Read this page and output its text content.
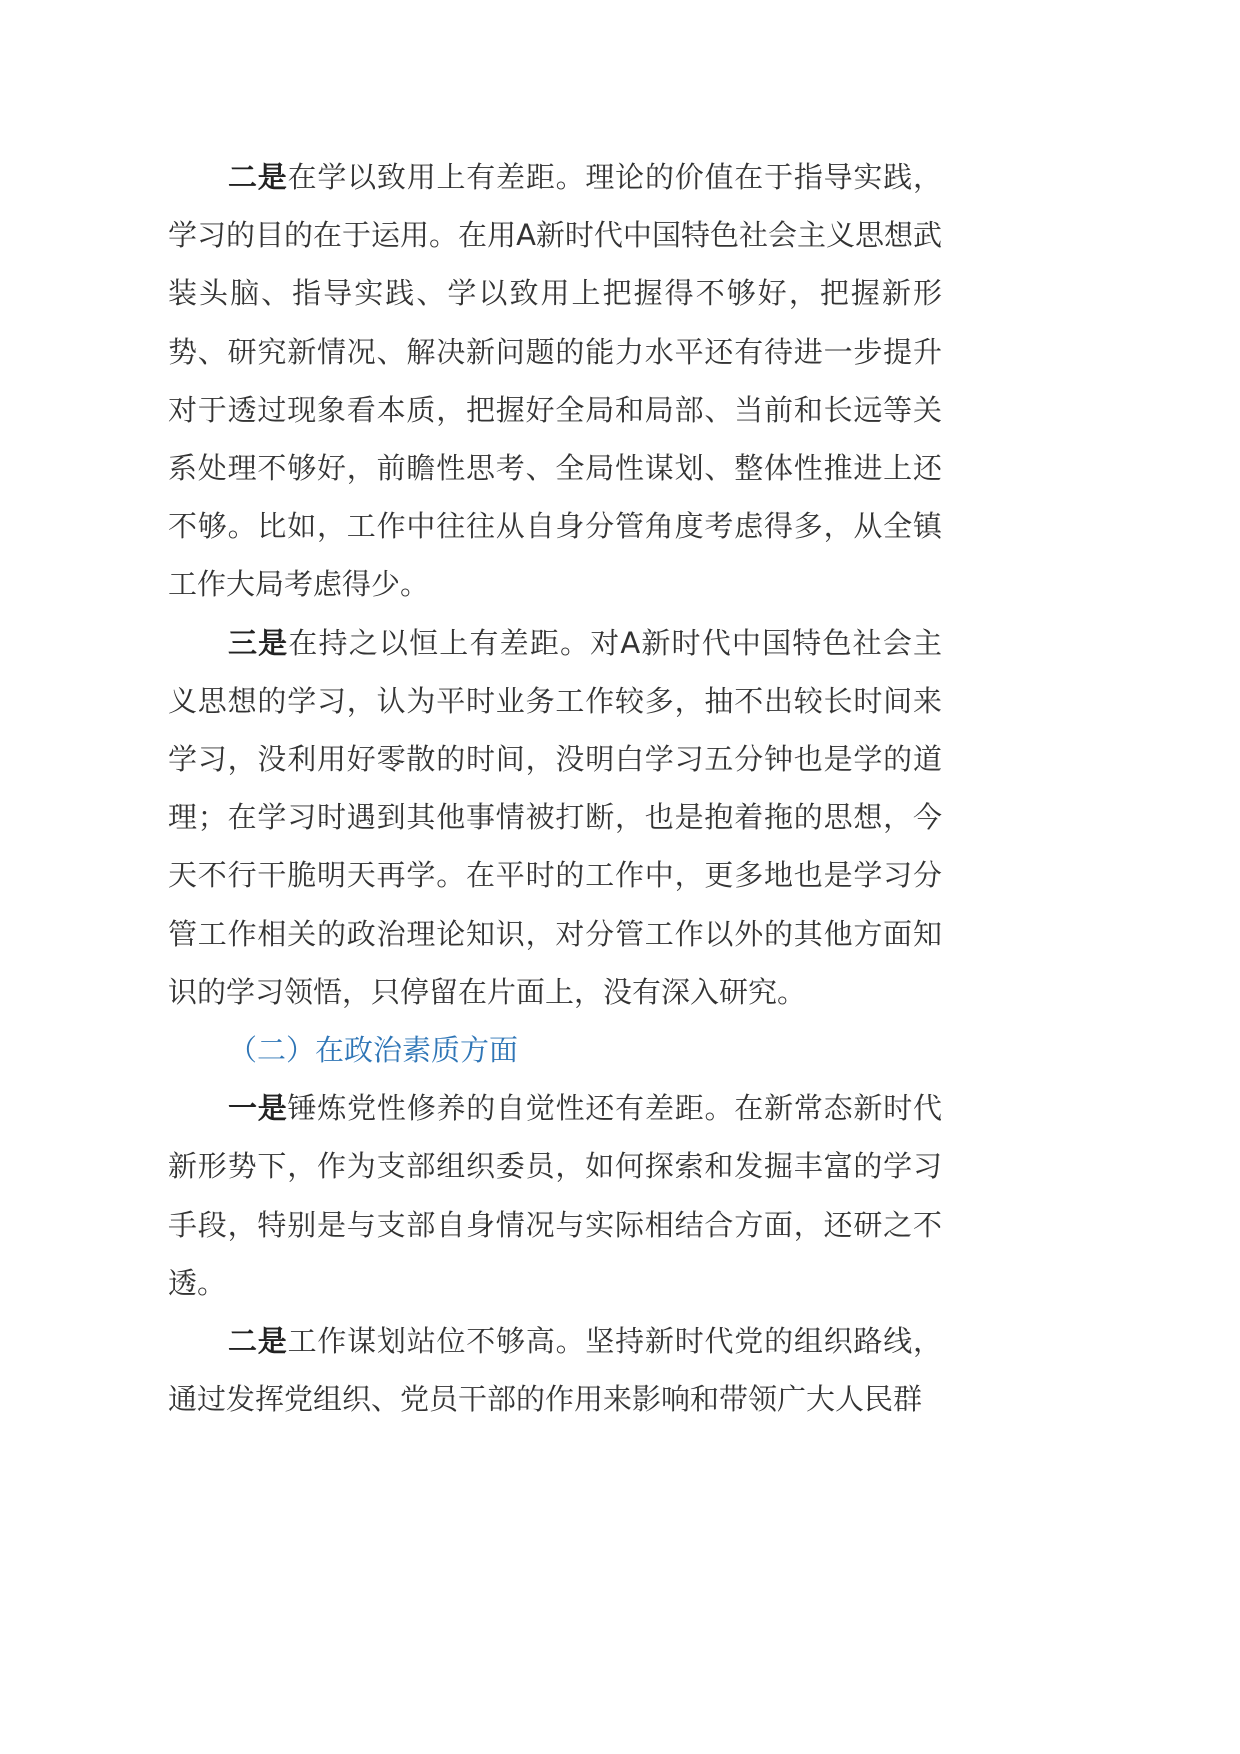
二是在学以致用上有差距。理论的价值在于指导实践，学习的目的在于运用。在用A新时代中国特色社会主义思想武装头脑、指导实践、学以致用上把握得不够好，把握新形势、研究新情况、解决新问题的能力水平还有待进一步提升对于透过现象看本质，把握好全局和局部、当前和长远等关系处理不够好，前瞻性思考、全局性谋划、整体性推进上还不够。比如，工作中往往从自身分管角度考虑得多，从全镇工作大局考虑得少。

三是在持之以恒上有差距。对A新时代中国特色社会主义思想的学习，认为平时业务工作较多，抽不出较长时间来学习，没利用好零散的时间，没明白学习五分钟也是学的道理；在学习时遇到其他事情被打断，也是抱着拖的思想，今天不行干脆明天再学。在平时的工作中，更多地也是学习分管工作相关的政治理论知识，对分管工作以外的其他方面知识的学习领悟，只停留在片面上，没有深入研究。

（二）在政治素质方面

一是锤炼党性修养的自觉性还有差距。在新常态新时代新形势下，作为支部组织委员，如何探索和发掘丰富的学习手段，特别是与支部自身情况与实际相结合方面，还研之不透。

二是工作谋划站位不够高。坚持新时代党的组织路线，通过发挥党组织、党员干部的作用来影响和带领广大人民群
